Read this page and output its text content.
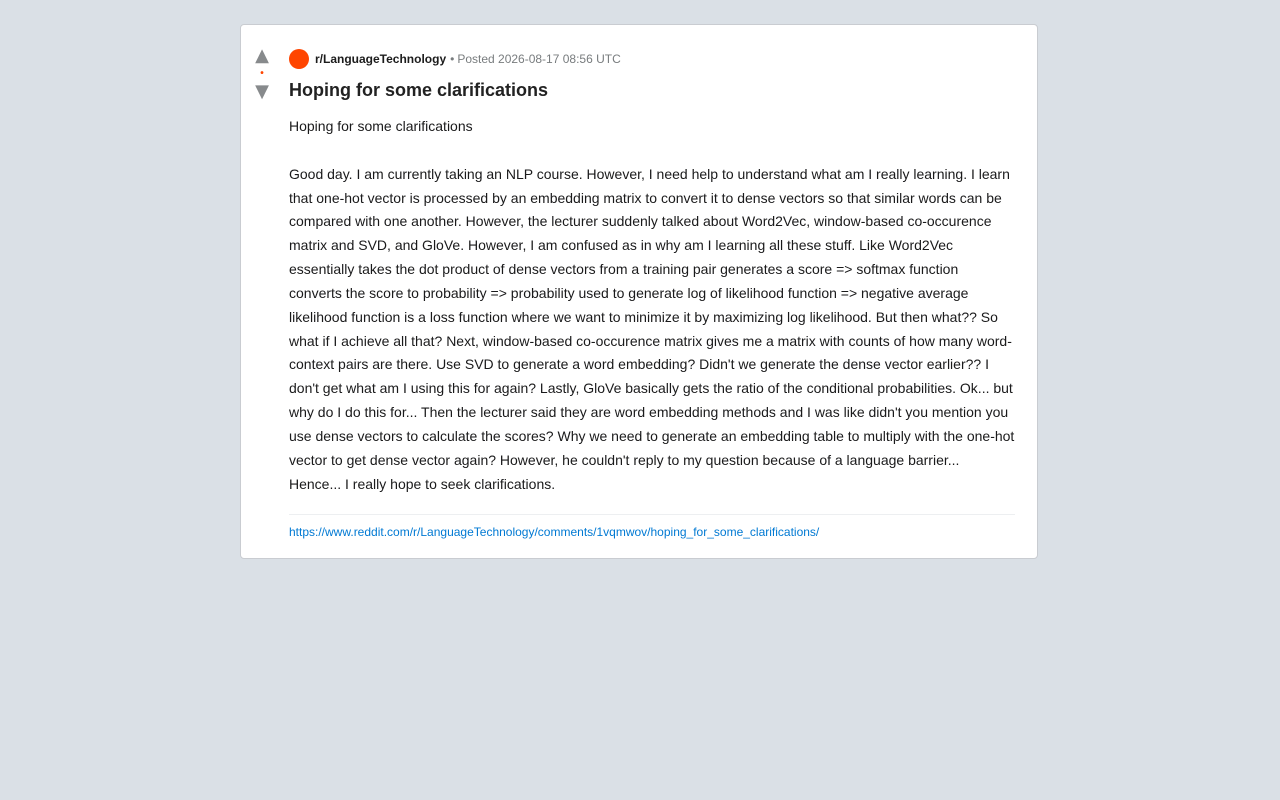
▲
•
▼
r/LanguageTechnology • Posted 2026-08-17 08:56 UTC
Hoping for some clarifications
Hoping for some clarifications

Good day. I am currently taking an NLP course. However, I need help to understand what am I really learning. I learn that one-hot vector is processed by an embedding matrix to convert it to dense vectors so that similar words can be compared with one another. However, the lecturer suddenly talked about Word2Vec, window-based co-occurence matrix and SVD, and GloVe. However, I am confused as in why am I learning all these stuff. Like Word2Vec essentially takes the dot product of dense vectors from a training pair generates a score => softmax function converts the score to probability => probability used to generate log of likelihood function => negative average likelihood function is a loss function where we want to minimize it by maximizing log likelihood. But then what?? So what if I achieve all that? Next, window-based co-occurence matrix gives me a matrix with counts of how many word-context pairs are there. Use SVD to generate a word embedding? Didn't we generate the dense vector earlier?? I don't get what am I using this for again? Lastly, GloVe basically gets the ratio of the conditional probabilities. Ok... but why do I do this for... Then the lecturer said they are word embedding methods and I was like didn't you mention you use dense vectors to calculate the scores? Why we need to generate an embedding table to multiply with the one-hot vector to get dense vector again? However, he couldn't reply to my question because of a language barrier... Hence... I really hope to seek clarifications.
https://www.reddit.com/r/LanguageTechnology/comments/1vqmwov/hoping_for_some_clarifications/
